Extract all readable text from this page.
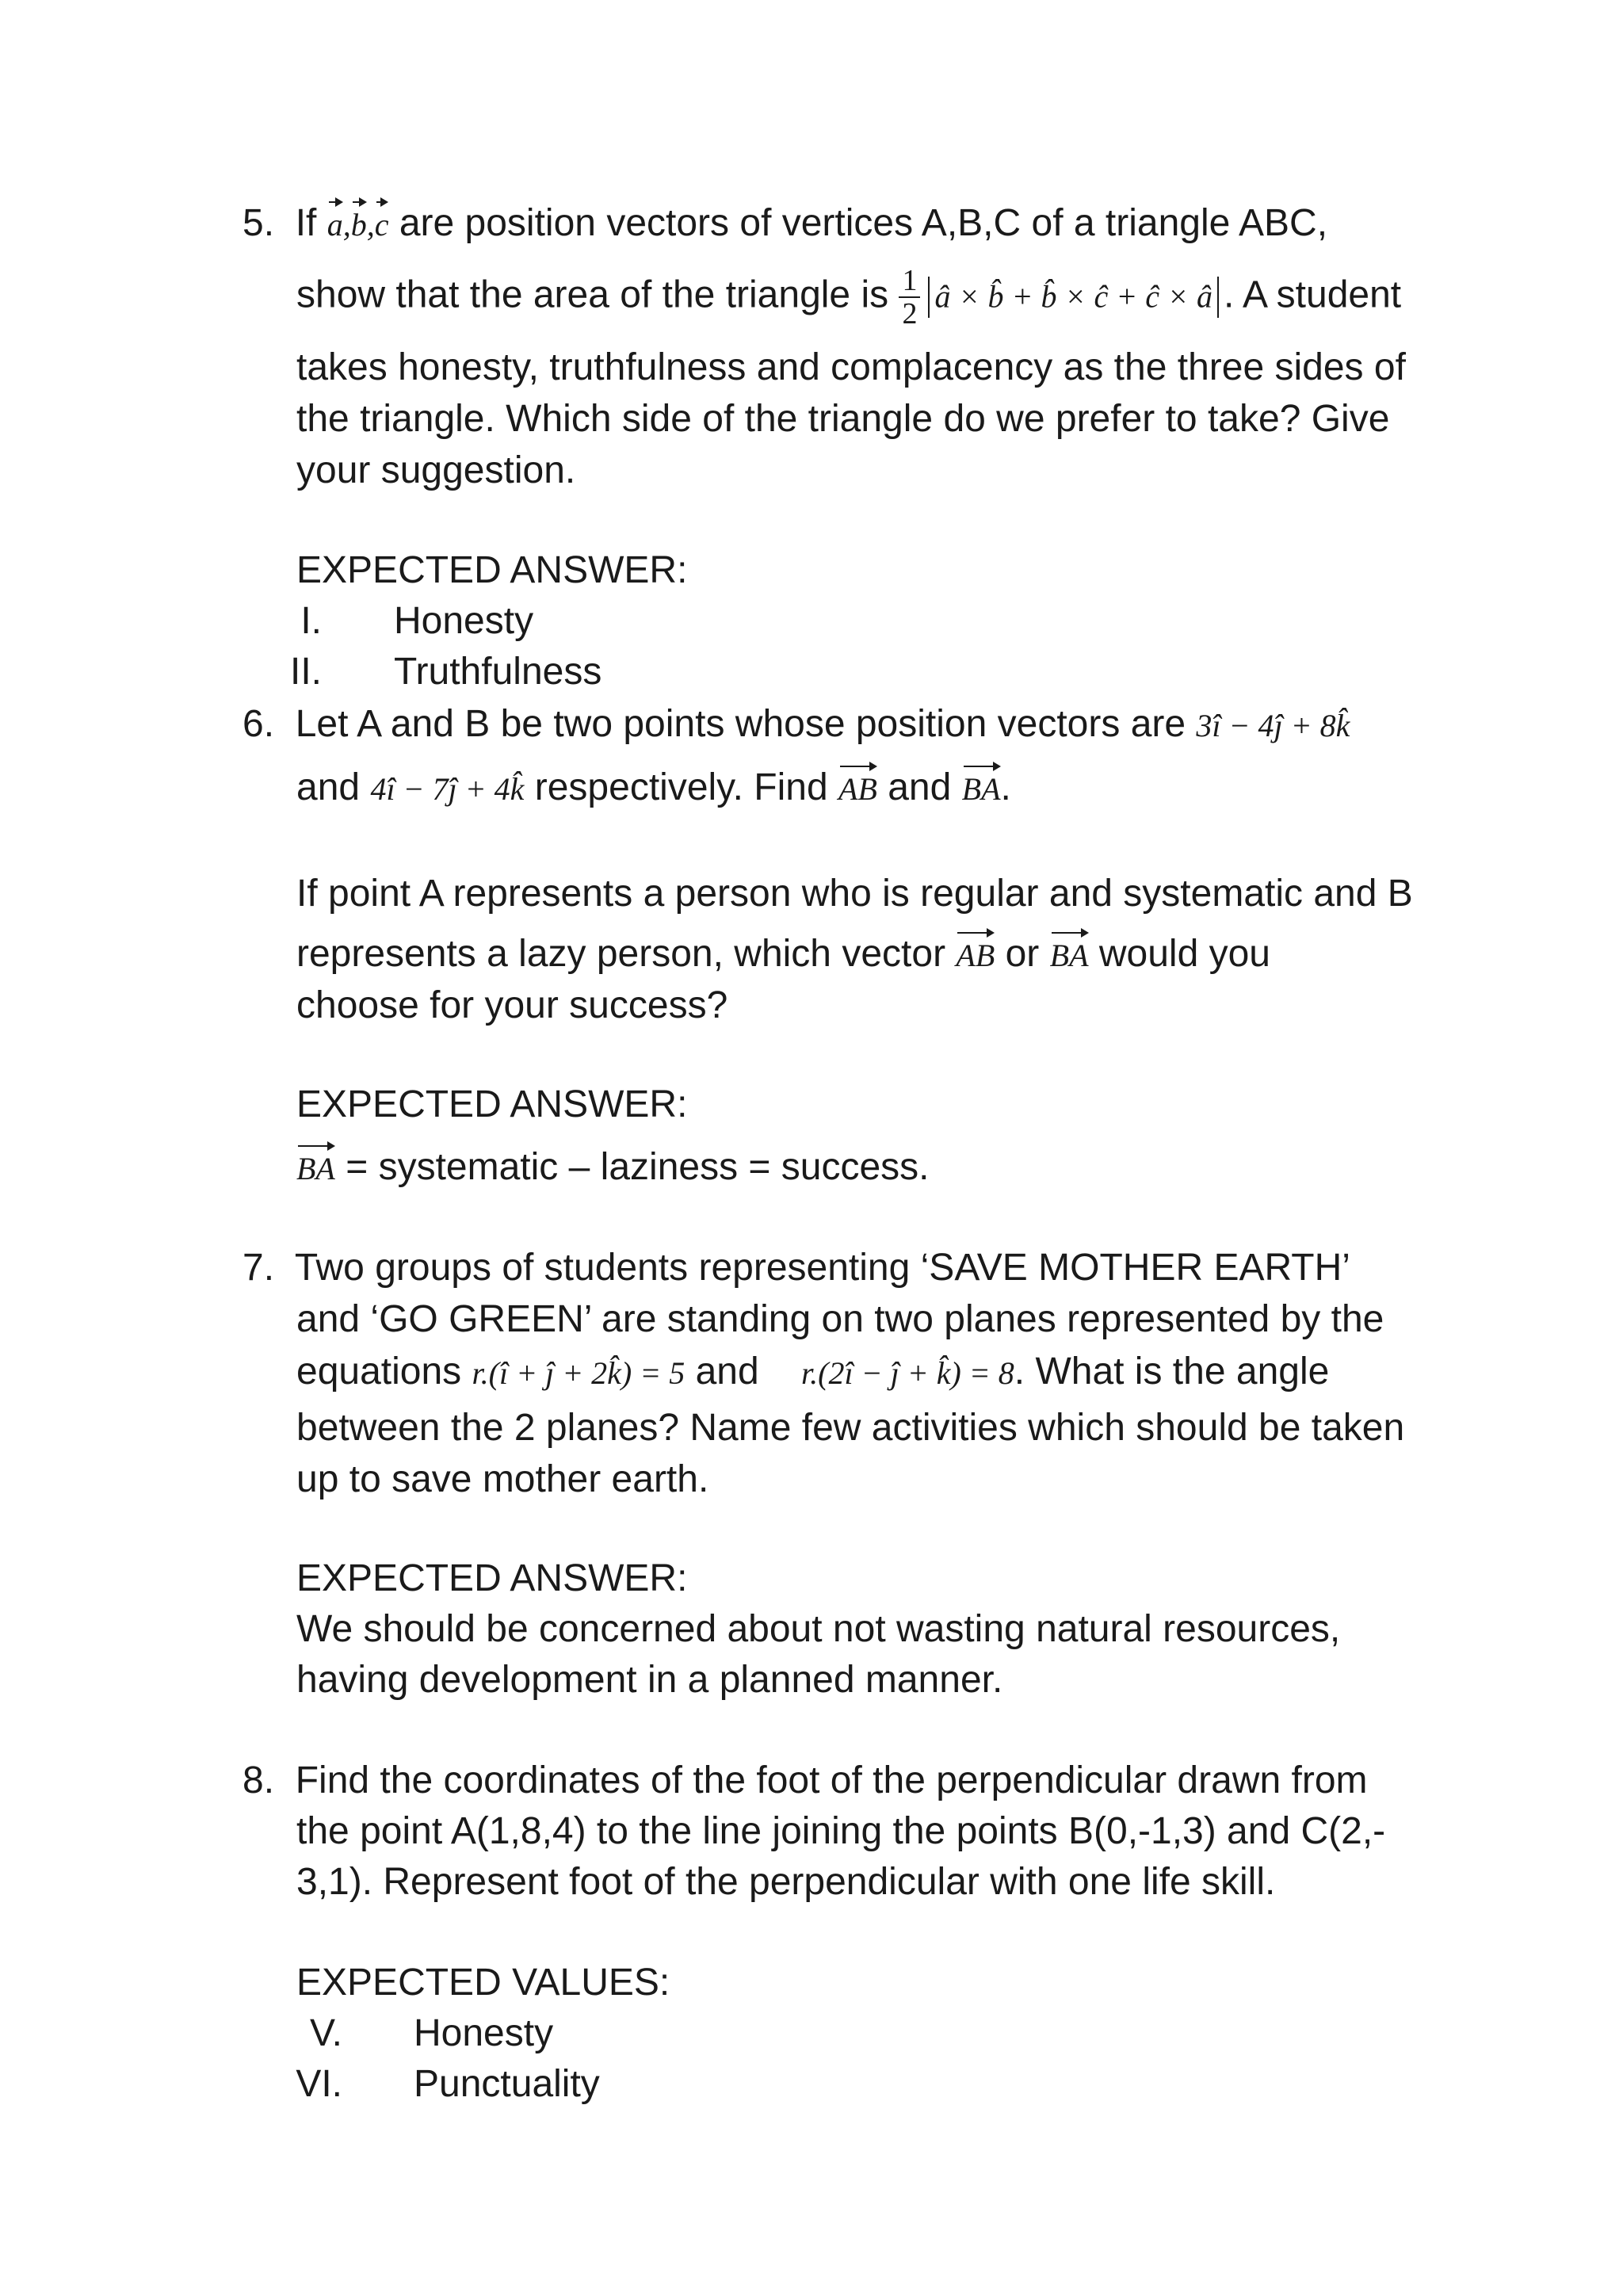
5. If a,b,c are position vectors of vertices A,B,C of a triangle ABC,
show that the area of the triangle is $\frac{1}{2}$ â × b̂ + b̂ × ĉ + ĉ × â . A student
takes honesty, truthfulness and complacency as the three sides of
the triangle. Which side of the triangle do we prefer to take? Give
your suggestion.
EXPECTED ANSWER:
I. Honesty
II. Truthfulness
6. Let A and B be two points whose position vectors are 3î − 4ĵ + 8k̂
and 4î − 7ĵ + 4k̂ respectively. Find AB and BA.
If point A represents a person who is regular and systematic and B
represents a lazy person, which vector AB or BA would you
choose for your success?
EXPECTED ANSWER:
BA = systematic – laziness = success.
7. Two groups of students representing ‘SAVE MOTHER EARTH’
and ‘GO GREEN’ are standing on two planes represented by the
equations r.(î + ĵ + 2k̂) = 5 and r.(2î − ĵ + k̂) = 8. What is the angle
between the 2 planes? Name few activities which should be taken
up to save mother earth.
EXPECTED ANSWER:
We should be concerned about not wasting natural resources,
having development in a planned manner.
8. Find the coordinates of the foot of the perpendicular drawn from
the point A(1,8,4) to the line joining the points B(0,-1,3) and C(2,-
3,1). Represent foot of the perpendicular with one life skill.
EXPECTED VALUES:
V. Honesty
VI. Punctuality
